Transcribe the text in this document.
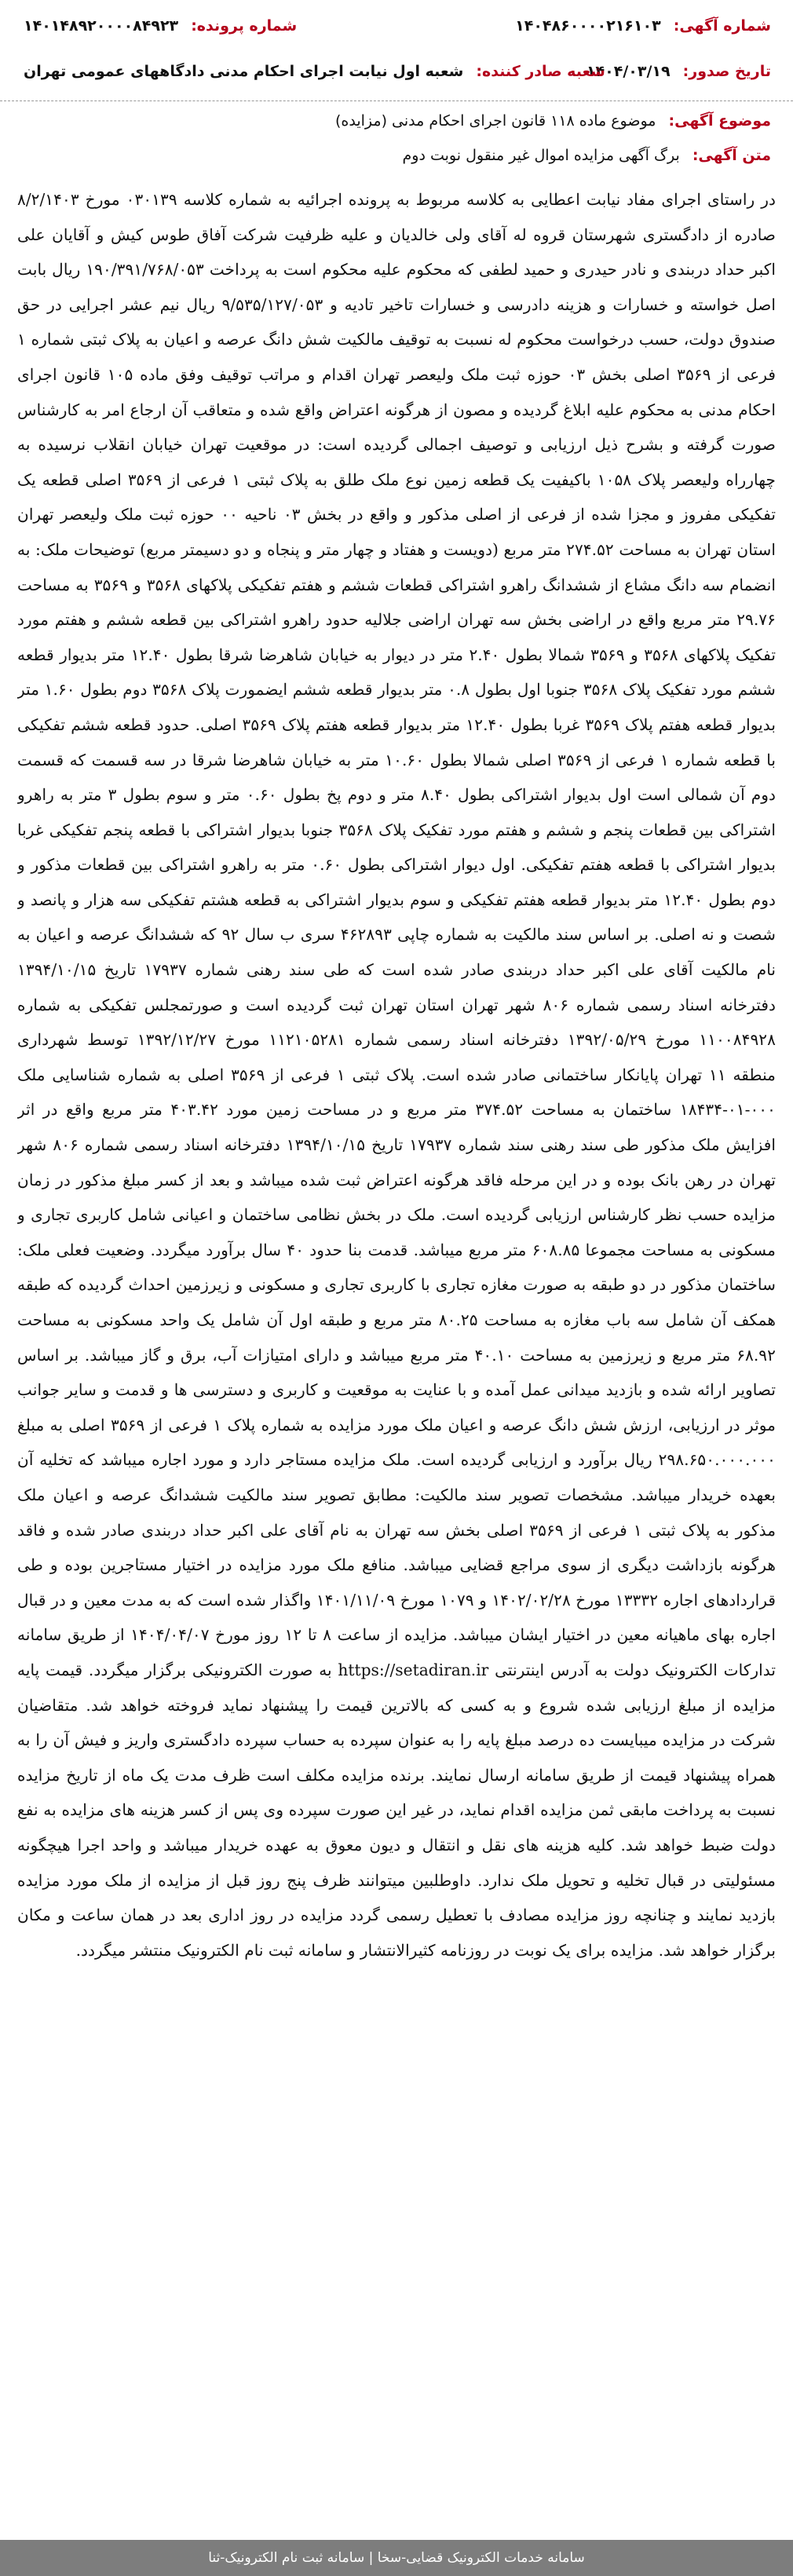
شماره آگهی: ۱۴۰۴۸۶۰۰۰۰۲۱۶۱۰۳
شماره پرونده: ۱۴۰۱۴۸۹۲۰۰۰۰۸۴۹۲۳
تاریخ صدور: ۱۴۰۴/۰۳/۱۹
شعبه صادر کننده: شعبه اول نیابت اجرای احکام مدنی دادگاههای عمومی تهران
موضوع آگهی: موضوع ماده ۱۱۸ قانون اجرای احکام مدنی (مزایده)
متن آگهی: برگ آگهی مزایده اموال غیر منقول نوبت دوم
در راستای اجرای مفاد نیابت اعطایی به کلاسه مربوط به پرونده اجرائیه به شماره کلاسه ۰۳۰۱۳۹ مورخ ۸/۲/۱۴۰۳ صادره از دادگستری شهرستان قروه له آقای ولی خالدیان و علیه ظرفیت شرکت آفاق طوس کیش و آقایان علی اکبر حداد دربندی و نادر حیدری و حمید لطفی که محکوم علیه محکوم است به پرداخت ۱۹۰/۳۹۱/۷۶۸/۰۵۳ ریال بابت اصل خواسته و خسارات و هزینه دادرسی و خسارات تاخیر تادیه و ۹/۵۳۵/۱۲۷/۰۵۳ ریال نیم عشر اجرایی در حق صندوق دولت، حسب درخواست محکوم له نسبت به توقیف مالکیت شش دانگ عرصه و اعیان به پلاک ثبتی شماره ۱ فرعی از ۳۵۶۹ اصلی بخش ۰۳ حوزه ثبت ملک ولیعصر تهران اقدام و مراتب توقیف وفق ماده ۱۰۵ قانون اجرای احکام مدنی به محکوم علیه ابلاغ گردیده و مصون از هرگونه اعتراض واقع شده و متعاقب آن ارجاع امر به کارشناس صورت گرفته و بشرح ذیل ارزیابی و توصیف اجمالی گردیده است: در موقعیت تهران خیابان انقلاب نرسیده به چهارراه ولیعصر پلاک ۱۰۵۸ باکیفیت یک قطعه زمین نوع ملک طلق به پلاک ثبتی ۱ فرعی از ۳۵۶۹ اصلی قطعه یک تفکیکی مفروز و مجزا شده از فرعی از اصلی مذکور و واقع در بخش ۰۳ ناحیه ۰۰ حوزه ثبت ملک ولیعصر تهران استان تهران به مساحت ۲۷۴.۵۲ متر مربع (دویست و هفتاد و چهار متر و پنجاه و دو دسیمتر مربع) توضیحات ملک: به انضمام سه دانگ مشاع از ششدانگ راهرو اشتراکی قطعات ششم و هفتم تفکیکی پلاکهای ۳۵۶۸ و ۳۵۶۹ به مساحت ۲۹.۷۶ متر مربع واقع در اراضی بخش سه تهران اراضی جلالیه حدود راهرو اشتراکی بین قطعه ششم و هفتم مورد تفکیک پلاکهای ۳۵۶۸ و ۳۵۶۹ شمالا بطول ۲.۴۰ متر در دیوار به خیابان شاهرضا شرقا بطول ۱۲.۴۰ متر بدیوار قطعه ششم مورد تفکیک پلاک ۳۵۶۸ جنوبا اول بطول ۰.۸ متر بدیوار قطعه ششم ایضمورت پلاک ۳۵۶۸ دوم بطول ۱.۶۰ متر بدیوار قطعه هفتم پلاک ۳۵۶۹ غربا بطول ۱۲.۴۰ متر بدیوار قطعه هفتم پلاک ۳۵۶۹ اصلی. حدود قطعه ششم تفکیکی با قطعه شماره ۱ فرعی از ۳۵۶۹ اصلی شمالا بطول ۱۰.۶۰ متر به خیابان شاهرضا شرقا در سه قسمت که قسمت دوم آن شمالی است اول بدیوار اشتراکی بطول ۸.۴۰ متر و دوم پخ بطول ۰.۶۰ متر و سوم بطول ۳ متر به راهرو اشتراکی بین قطعات پنجم و ششم و هفتم مورد تفکیک پلاک ۳۵۶۸ جنوبا بدیوار اشتراکی با قطعه پنجم تفکیکی غربا بدیوار اشتراکی با قطعه هفتم تفکیکی. اول دیوار اشتراکی بطول ۰.۶۰ متر به راهرو اشتراکی بین قطعات مذکور و دوم بطول ۱۲.۴۰ متر بدیوار قطعه هفتم تفکیکی و سوم بدیوار اشتراکی به قطعه هشتم تفکیکی سه هزار و پانصد و شصت و نه اصلی. بر اساس سند مالکیت به شماره چاپی ۴۶۲۸۹۳ سری ب سال ۹۲ که ششدانگ عرصه و اعیان به نام مالکیت آقای علی اکبر حداد دربندی صادر شده است که طی سند رهنی شماره ۱۷۹۳۷ تاریخ ۱۳۹۴/۱۰/۱۵ دفترخانه اسناد رسمی شماره ۸۰۶ شهر تهران استان تهران ثبت گردیده است و صورتمجلس تفکیکی به شماره ۱۱۰۰۸۴۹۲۸ مورخ ۱۳۹۲/۰۵/۲۹ دفترخانه اسناد رسمی شماره ۱۱۲۱۰۵۲۸۱ مورخ ۱۳۹۲/۱۲/۲۷ توسط شهرداری منطقه ۱۱ تهران پایانکار ساختمانی صادر شده است. پلاک ثبتی ۱ فرعی از ۳۵۶۹ اصلی به شماره شناسایی ملک ۰۰۰-۰۱-۱۸۴۳۴ ساختمان به مساحت ۳۷۴.۵۲ متر مربع و در مساحت زمین مورد ۴۰۳.۴۲ متر مربع واقع در اثر افزایش ملک مذکور طی سند رهنی سند شماره ۱۷۹۳۷ تاریخ ۱۳۹۴/۱۰/۱۵ دفترخانه اسناد رسمی شماره ۸۰۶ شهر تهران در رهن بانک بوده و در این مرحله فاقد هرگونه اعتراض ثبت شده میباشد و بعد از کسر مبلغ مذکور در زمان مزایده حسب نظر کارشناس ارزیابی گردیده است. ملک در بخش نظامی ساختمان و اعیانی شامل کاربری تجاری و مسکونی به مساحت مجموعا ۶۰۸.۸۵ متر مربع میباشد. قدمت بنا حدود ۴۰ سال برآورد میگردد. وضعیت فعلی ملک: ساختمان مذکور در دو طبقه به صورت مغازه تجاری با کاربری تجاری و مسکونی و زیرزمین احداث گردیده که طبقه همکف آن شامل سه باب مغازه به مساحت ۸۰.۲۵ متر مربع و طبقه اول آن شامل یک واحد مسکونی به مساحت ۶۸.۹۲ متر مربع و زیرزمین به مساحت ۴۰.۱۰ متر مربع میباشد و دارای امتیازات آب، برق و گاز میباشد. بر اساس تصاویر ارائه شده و بازدید میدانی عمل آمده و با عنایت به موقعیت و کاربری و دسترسی ها و قدمت و سایر جوانب موثر در ارزیابی، ارزش شش دانگ عرصه و اعیان ملک مورد مزایده به شماره پلاک ۱ فرعی از ۳۵۶۹ اصلی به مبلغ ۲۹۸.۶۵۰.۰۰۰.۰۰۰ ریال برآورد و ارزیابی گردیده است. ملک مزایده مستاجر دارد و مورد اجاره میباشد که تخلیه آن بعهده خریدار میباشد. مشخصات تصویر سند مالکیت: مطابق تصویر سند مالکیت ششدانگ عرصه و اعیان ملک مذکور به پلاک ثبتی ۱ فرعی از ۳۵۶۹ اصلی بخش سه تهران به نام آقای علی اکبر حداد دربندی صادر شده و فاقد هرگونه بازداشت دیگری از سوی مراجع قضایی میباشد. منافع ملک مورد مزایده در اختیار مستاجرین بوده و طی قراردادهای اجاره ۱۳۳۳۲ مورخ ۱۴۰۲/۰۲/۲۸ و ۱۰۷۹ مورخ ۱۴۰۱/۱۱/۰۹ واگذار شده است که به مدت معین و در قبال اجاره بهای ماهیانه معین در اختیار ایشان میباشد. مزایده از ساعت ۸ تا ۱۲ روز مورخ ۱۴۰۴/۰۴/۰۷ از طریق سامانه تدارکات الکترونیک دولت به آدرس اینترنتی https://setadiran.ir به صورت الکترونیکی برگزار میگردد. قیمت پایه مزایده از مبلغ ارزیابی شده شروع و به کسی که بالاترین قیمت را پیشنهاد نماید فروخته خواهد شد. متقاضیان شرکت در مزایده میبایست ده درصد مبلغ پایه را به عنوان سپرده به حساب سپرده دادگستری واریز و فیش آن را به همراه پیشنهاد قیمت از طریق سامانه ارسال نمایند. برنده مزایده مکلف است ظرف مدت یک ماه از تاریخ مزایده نسبت به پرداخت مابقی ثمن مزایده اقدام نماید، در غیر این صورت سپرده وی پس از کسر هزینه های مزایده به نفع دولت ضبط خواهد شد. کلیه هزینه های نقل و انتقال و دیون معوق به عهده خریدار میباشد و واحد اجرا هیچگونه مسئولیتی در قبال تخلیه و تحویل ملک ندارد. داوطلبین میتوانند ظرف پنج روز قبل از مزایده از ملک مورد مزایده بازدید نمایند و چنانچه روز مزایده مصادف با تعطیل رسمی گردد مزایده در روز اداری بعد در همان ساعت و مکان برگزار خواهد شد. مزایده برای یک نوبت در روزنامه کثیرالانتشار و سامانه ثبت نام الکترونیک منتشر میگردد.
سامانه خدمات الکترونیک قضایی-سخا | سامانه ثبت نام الکترونیک-ثنا
